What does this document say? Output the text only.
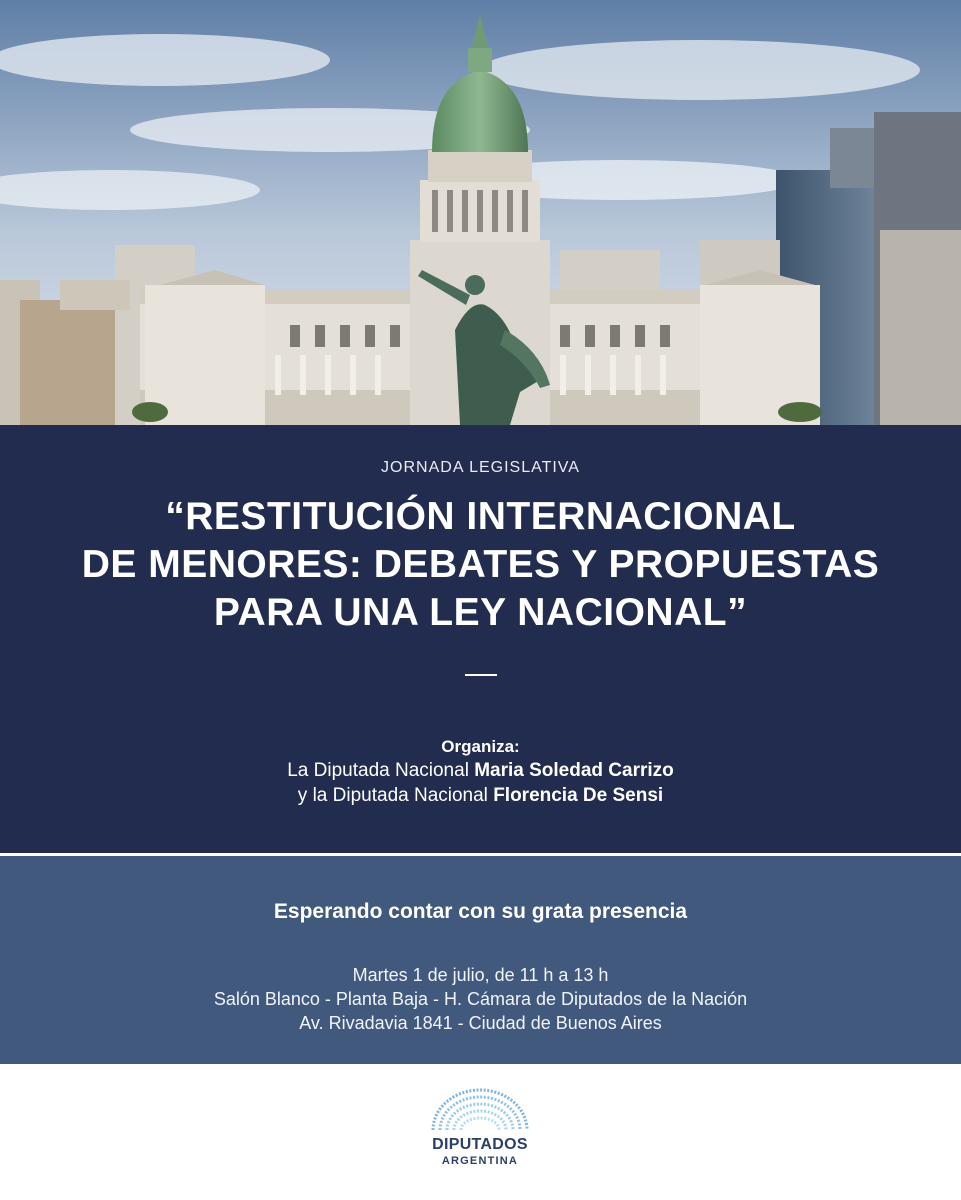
JORNADA LEGISLATIVA
“RESTITUCIÓN INTERNACIONAL
DE MENORES: DEBATES Y PROPUESTAS
PARA UNA LEY NACIONAL”
Organiza:
La Diputada Nacional Maria Soledad Carrizo
y la Diputada Nacional Florencia De Sensi
Esperando contar con su grata presencia
Martes 1 de julio, de 11 h a 13 h
Salón Blanco - Planta Baja - H. Cámara de Diputados de la Nación
Av. Rivadavia 1841 - Ciudad de Buenos Aires
DIPUTADOS
ARGENTINA
